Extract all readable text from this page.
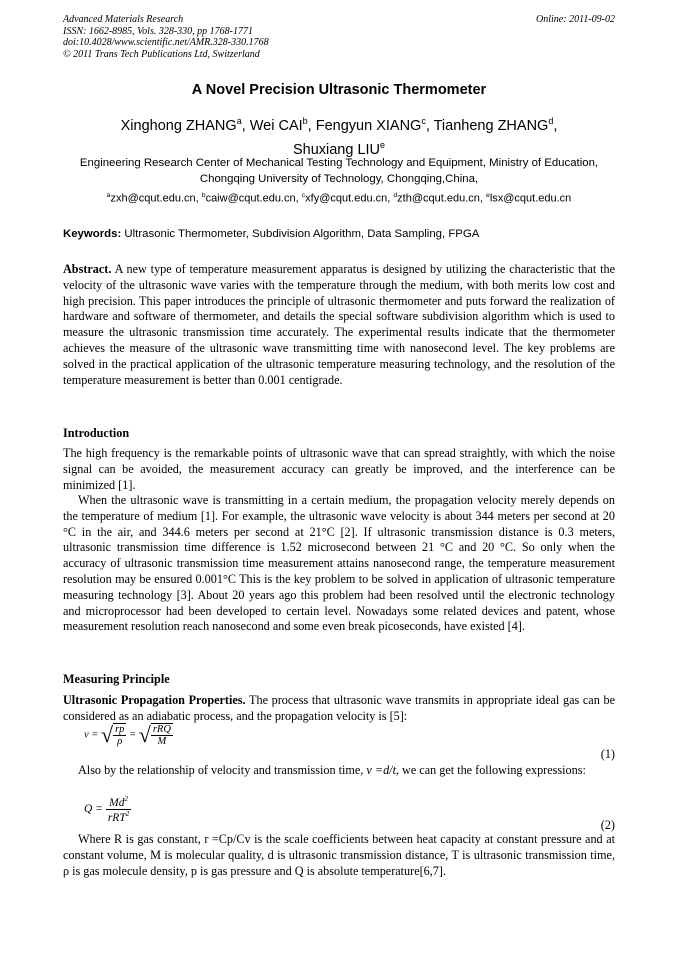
Advanced Materials Research
ISSN: 1662-8985, Vols. 328-330, pp 1768-1771
doi:10.4028/www.scientific.net/AMR.328-330.1768
© 2011 Trans Tech Publications Ltd, Switzerland
Online: 2011-09-02
A Novel Precision Ultrasonic Thermometer
Xinghong ZHANG$^a$, Wei CAI$^b$, Fengyun XIANG$^c$, Tianheng ZHANG$^d$,
Shuxiang LIU$^e$
Engineering Research Center of Mechanical Testing Technology and Equipment, Ministry of Education, Chongqing University of Technology, Chongqing,China,
$^a$zxh@cqut.edu.cn, $^b$caiw@cqut.edu.cn, $^c$xfy@cqut.edu.cn, $^d$zth@cqut.edu.cn, $^e$lsx@cqut.edu.cn
Keywords: Ultrasonic Thermometer, Subdivision Algorithm, Data Sampling, FPGA
Abstract. A new type of temperature measurement apparatus is designed by utilizing the characteristic that the velocity of the ultrasonic wave varies with the temperature through the medium, with both merits low cost and high precision. This paper introduces the principle of ultrasonic thermometer and puts forward the realization of hardware and software of thermometer, and details the special software subdivision algorithm which is used to measure the ultrasonic transmission time accurately. The experimental results indicate that the thermometer achieves the measure of the ultrasonic wave transmitting time with nanosecond level. The key problems are solved in the practical application of the ultrasonic temperature measuring technology, and the resolution of the temperature measurement is better than 0.001 centigrade.
Introduction
The high frequency is the remarkable points of ultrasonic wave that can spread straightly, with which the noise signal can be avoided, the measurement accuracy can greatly be improved, and the interference can be minimized [1].
When the ultrasonic wave is transmitting in a certain medium, the propagation velocity merely depends on the temperature of medium [1]. For example, the ultrasonic wave velocity is about 344 meters per second at 20 °C in the air, and 344.6 meters per second at 21°C [2]. If ultrasonic transmission distance is 0.3 meters, ultrasonic transmission time difference is 1.52 microsecond between 21 °C and 20 °C. So only when the accuracy of ultrasonic transmission time measurement attains nanosecond range, the temperature measurement resolution may be ensured 0.001°C This is the key problem to be solved in application of ultrasonic temperature measuring technology [3]. About 20 years ago this problem had been resolved until the electronic technology and microprocessor had been developed to certain level. Nowadays some related devices and patent, whose measurement resolution reach nanosecond and some even break picoseconds, have existed [4].
Measuring Principle
Ultrasonic Propagation Properties. The process that ultrasonic wave transmits in appropriate ideal gas can be considered as an adiabatic process, and the propagation velocity is [5]:
v = √ $\frac{rp}{\rho}$ = √ $\frac{\text{rRQ}}{M}$
(1)
Also by the relationship of velocity and transmission time, v =d/t, we can get the following expressions:
$Q = \frac{Md^2}{rRT^2}$
(2)
Where R is gas constant, r =Cp/Cv is the scale coefficients between heat capacity at constant pressure and at constant volume, M is molecular quality, d is ultrasonic transmission distance, T is ultrasonic transmission time, ρ is gas molecule density, p is gas pressure and Q is absolute temperature[6,7].
